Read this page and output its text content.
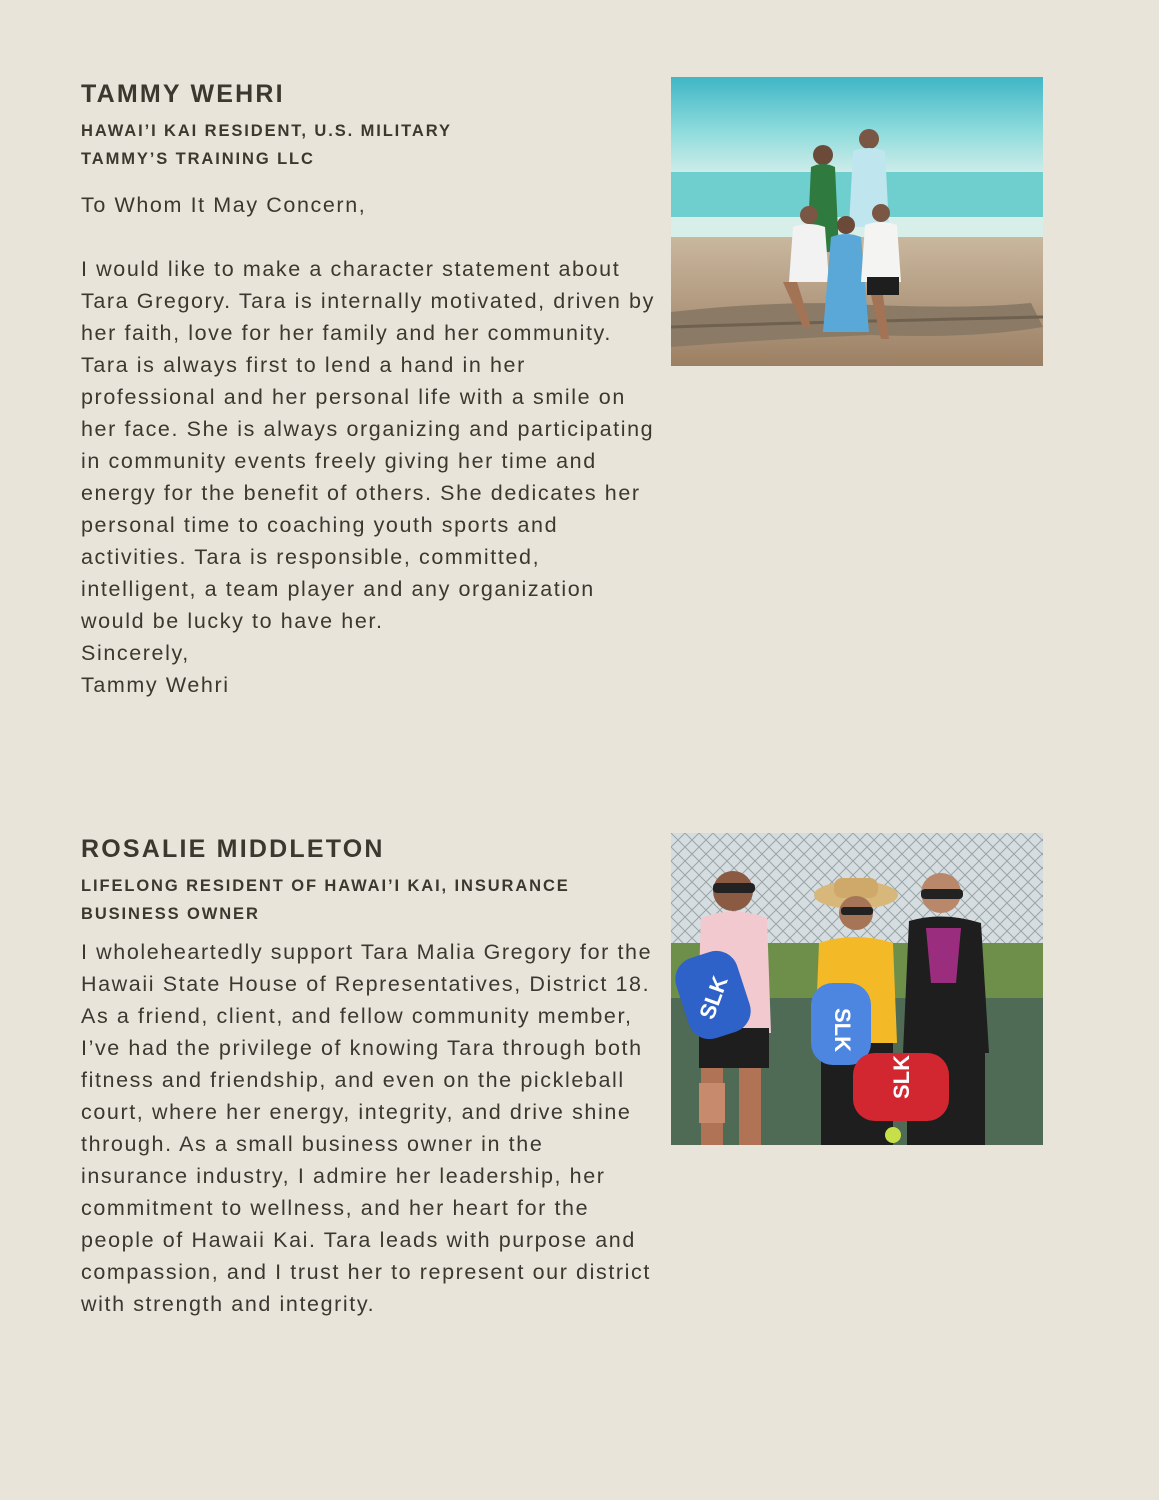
TAMMY WEHRI
HAWAI’I KAI RESIDENT, U.S. MILITARY
TAMMY’S TRAINING LLC
To Whom It May Concern,
I would like to make a character statement about Tara Gregory. Tara is internally motivated, driven by her faith, love for her family and her community. Tara is always first to lend a hand in her professional and her personal life with a smile on her face. She is always organizing and participating in community events freely giving her time and energy for the benefit of others. She dedicates her personal time to coaching youth sports and activities. Tara is responsible, committed, intelligent, a team player and any organization would be lucky to have her.
Sincerely,
Tammy Wehri
ROSALIE MIDDLETON
LIFELONG RESIDENT OF HAWAI’I KAI, INSURANCE
BUSINESS OWNER
I wholeheartedly support Tara Malia Gregory for the Hawaii State House of Representatives, District 18. As a friend, client, and fellow community member, I’ve had the privilege of knowing Tara through both fitness and friendship, and even on the pickleball court, where her energy, integrity, and drive shine through. As a small business owner in the insurance industry, I admire her leadership, her commitment to wellness, and her heart for the people of Hawaii Kai. Tara leads with purpose and compassion, and I trust her to represent our district with strength and integrity.
SLK
SLK
SLK
